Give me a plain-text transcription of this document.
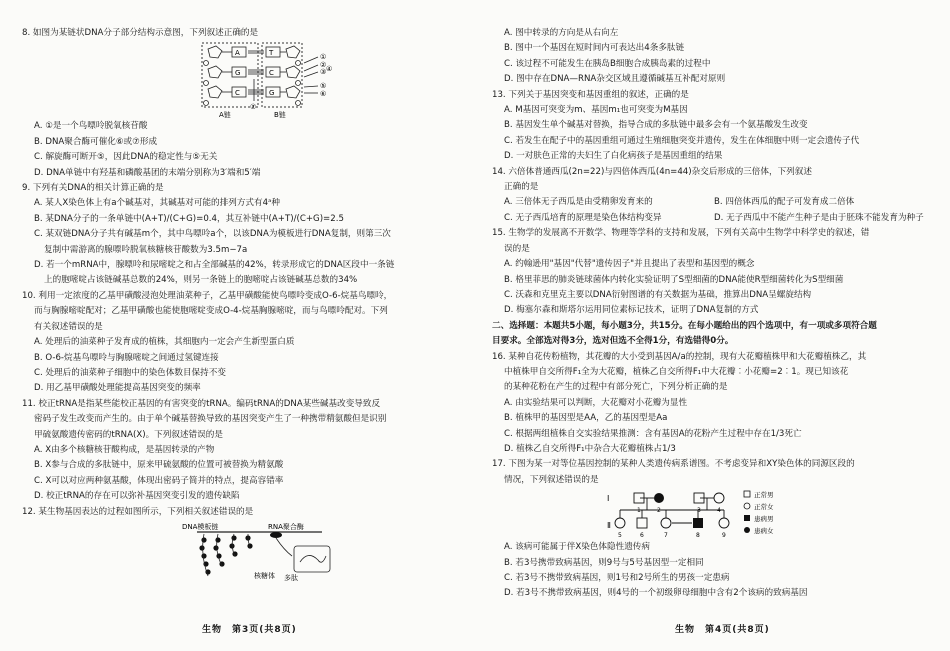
8. 如图为某链状DNA分子部分结构示意图，下列叙述正确的是
A
G
C
T
C
G
①
②
③ ④
⑤
⑥
⑦
A链	B链
A. ①是一个鸟嘌呤脱氧核苷酸
B. DNA聚合酶可催化⑥或⑦形成
C. 解旋酶可断开⑤，因此DNA的稳定性与⑤无关
D. DNA单链中有羟基和磷酸基团的末端分别称为3′端和5′端
9. 下列有关DNA的相关计算正确的是
A. 某人X染色体上有a个碱基对，其碱基对可能的排列方式有4ᵃ种
B. 某DNA分子的一条单链中(A+T)/(C+G)=0.4，其互补链中(A+T)/(C+G)=2.5
C. 某双链DNA分子共有碱基m个，其中鸟嘌呤a个，以该DNA为模板进行DNA复制，则第三次
复制中需游离的腺嘌呤脱氧核糖核苷酸数为3.5m−7a
D. 若一个mRNA中，腺嘌呤和尿嘧啶之和占全部碱基的42%，转录形成它的DNA区段中一条链
上的胞嘧啶占该链碱基总数的24%，则另一条链上的胞嘧啶占该链碱基总数的34%
10. 利用一定浓度的乙基甲磺酸浸泡处理油菜种子，乙基甲磺酸能使鸟嘌呤变成O-6-烷基鸟嘌呤，
而与胸腺嘧啶配对；乙基甲磺酸也能使胞嘧啶变成O-4-烷基胸腺嘧啶，而与鸟嘌呤配对。下列
有关叙述错误的是
A. 处理后的油菜种子发育成的植株，其细胞内一定会产生新型蛋白质
B. O-6-烷基鸟嘌呤与胸腺嘧啶之间通过氢键连接
C. 处理后的油菜种子细胞中的染色体数目保持不变
D. 用乙基甲磺酸处理能提高基因突变的频率
11. 校正tRNA是指某些能校正基因的有害突变的tRNA。编码tRNA的DNA某些碱基改变导致反
密码子发生改变而产生的。由于单个碱基替换导致的基因突变产生了一种携带精氨酸但是识别
甲硫氨酸遗传密码的tRNA(X)。下列叙述错误的是
A. X由多个核糖核苷酸构成，是基因转录的产物
B. X参与合成的多肽链中，原来甲硫氨酸的位置可被替换为精氨酸
C. X可以对应两种氨基酸，体现出密码子简并的特点，提高容错率
D. 校正tRNA的存在可以弥补基因突变引发的遗传缺陷
12. 某生物基因表达的过程如图所示，下列相关叙述错误的是
DNA模板链	RNA聚合酶
核糖体 多肽
生物　第3页(共8页)
A. 图中转录的方向是从右向左
B. 图中一个基因在短时间内可表达出4条多肽链
C. 该过程不可能发生在胰岛B细胞合成胰岛素的过程中
D. 图中存在DNA—RNA杂交区域且遵循碱基互补配对原则
13. 下列关于基因突变和基因重组的叙述，正确的是
A. M基因可突变为m、基因m₁也可突变为M基因
B. 基因发生单个碱基对替换，指导合成的多肽链中最多会有一个氨基酸发生改变
C. 若发生在配子中的基因重组可通过生殖细胞突变并遗传，发生在体细胞中则一定会遗传子代
D. 一对肤色正常的夫妇生了白化病孩子是基因重组的结果
14. 六倍体普通西瓜(2n=22)与四倍体西瓜(4n=44)杂交后形成的三倍体，下列叙述
正确的是
A. 三倍体无子西瓜是由受精卵发育来的	B. 四倍体西瓜的配子可发育成二倍体
C. 无子西瓜培育的原理是染色体结构变异	D. 无子西瓜中不能产生种子是由于胚珠不能发育为种子
15. 生物学的发展离不开数学、物理等学科的支持和发展，下列有关高中生物学中科学史的叙述，错
误的是
A. 约翰逊用"基因"代替"遗传因子"并且提出了表型和基因型的概念
B. 格里菲思的肺炎链球菌体内转化实验证明了S型细菌的DNA能使R型细菌转化为S型细菌
C. 沃森和克里克主要以DNA衍射图谱的有关数据为基础，推算出DNA呈螺旋结构
D. 梅塞尔森和斯塔尔运用同位素标记技术，证明了DNA复制的方式
二、选择题：本题共5小题，每小题3分，共15分。在每小题给出的四个选项中，有一项或多项符合题
目要求。全部选对得3分，选对但选不全得1分，有选错得0分。
16. 某种自花传粉植物，其花瓣的大小受到基因A/a的控制，现有大花瓣植株甲和大花瓣植株乙，其
中植株甲自交所得F₁全为大花瓣，植株乙自交所得F₁中大花瓣︰小花瓣=2︰1。现已知该花
的某种花粉在产生的过程中有部分死亡，下列分析正确的是
A. 由实验结果可以判断，大花瓣对小花瓣为显性
B. 植株甲的基因型是AA，乙的基因型是Aa
C. 根据两组植株自交实验结果推测：含有基因A的花粉产生过程中存在1/3死亡
D. 植株乙自交所得F₁中杂合大花瓣植株占1/3
17. 下图为某一对等位基因控制的某种人类遗传病系谱图。不考虑变异和XY染色体的同源区段的
情况，下列叙述错误的是
Ⅰ
Ⅱ
1	2	3	4
5	6	7	8	9
正常男
正常女
患病男
患病女
A. 该病可能属于伴X染色体隐性遗传病
B. 若3号携带致病基因，则9号与5号基因型一定相同
C. 若3号不携带致病基因，则1号和2号所生的男孩一定患病
D. 若3号不携带致病基因，则4号的一个初级卵母细胞中含有2个该病的致病基因
生物　第4页(共8页)
